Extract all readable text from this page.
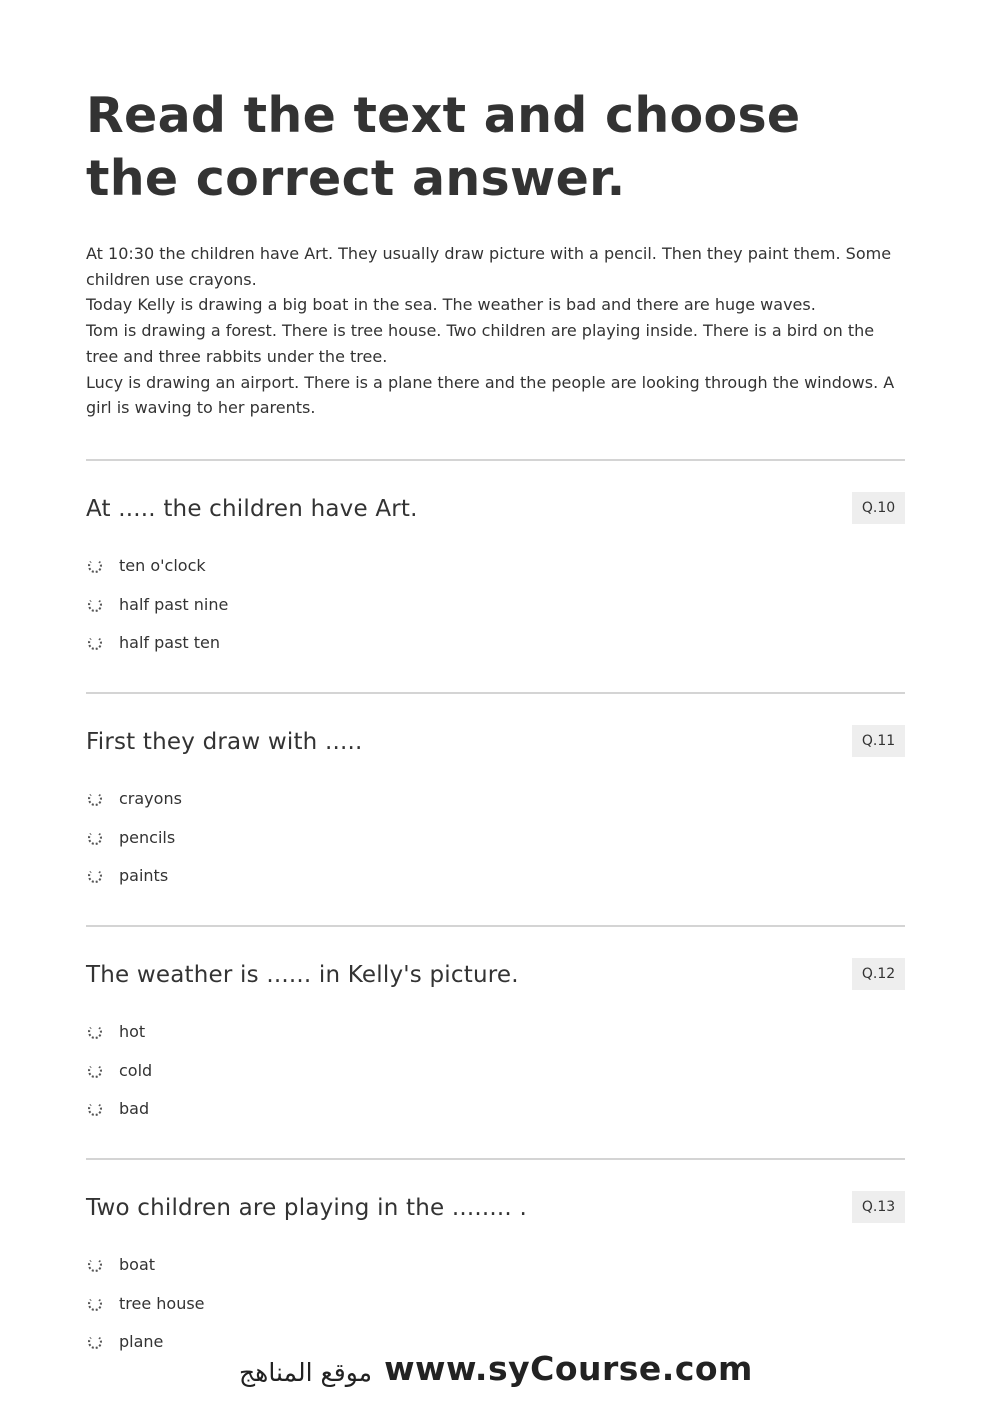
Read the text and choose the correct answer.

At 10:30 the children have Art. They usually draw picture with a pencil. Then they paint them. Some children use crayons.

Today Kelly is drawing a big boat in the sea. The weather is bad and there are huge waves.

Tom is drawing a forest. There is tree house. Two children are playing inside. There is a bird on the tree and three rabbits under the tree.

Lucy is drawing an airport. There is a plane there and the people are looking through the windows. A girl is waving to her parents.

At ..... the children have Art.	Q.10
ten o'clock
half past nine
half past ten
First they draw with .....	Q.11
crayons
pencils
paints
The weather is ...... in Kelly's picture.	Q.12
hot
cold
bad
Two children are playing in the ........ .	Q.13
boat
tree house
plane
موقع المناهج www.syCourse.com
